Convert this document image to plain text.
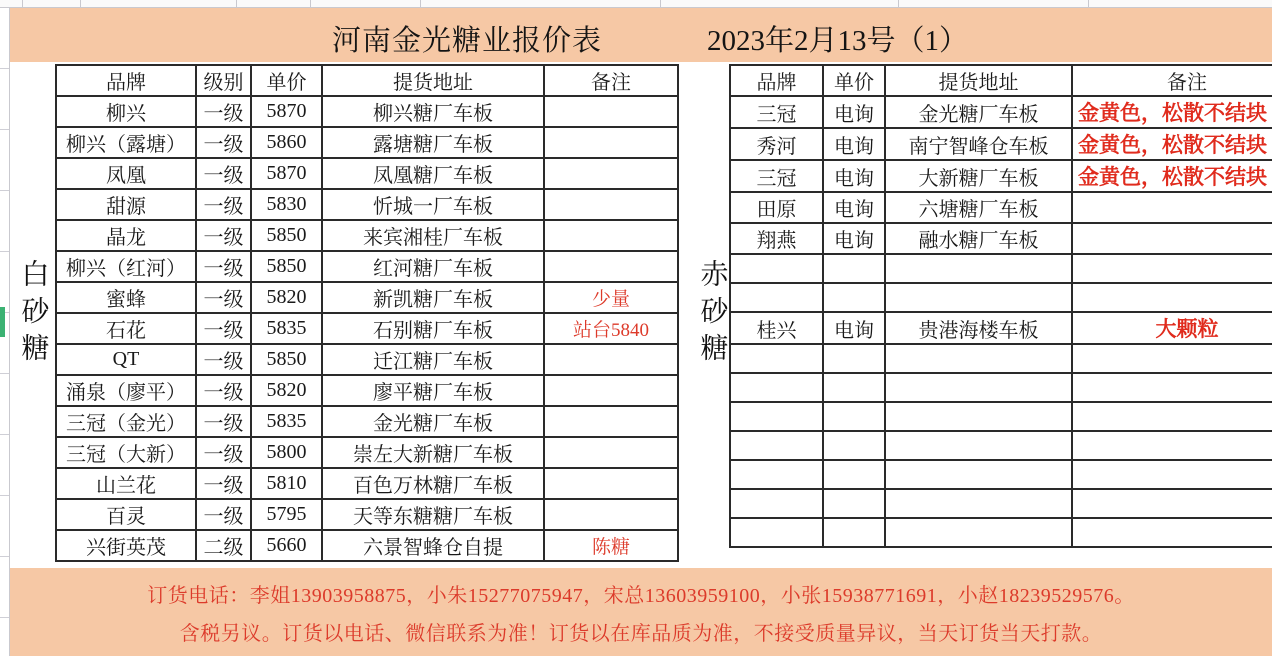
河南金光糖业报价表	2023年2月13号（1）
白砂糖
品牌	级别	单价	提货地址	备注
柳兴	一级	5870	柳兴糖厂车板	
柳兴（露塘）	一级	5860	露塘糖厂车板	
凤凰	一级	5870	凤凰糖厂车板	
甜源	一级	5830	忻城一厂车板	
晶龙	一级	5850	来宾湘桂厂车板	
柳兴（红河）	一级	5850	红河糖厂车板	
蜜蜂	一级	5820	新凯糖厂车板	少量
石花	一级	5835	石别糖厂车板	站台5840
QT	一级	5850	迁江糖厂车板	
涌泉（廖平）	一级	5820	廖平糖厂车板	
三冠（金光）	一级	5835	金光糖厂车板	
三冠（大新）	一级	5800	崇左大新糖厂车板	
山兰花	一级	5810	百色万林糖厂车板	
百灵	一级	5795	天等东糖糖厂车板	
兴街英茂	二级	5660	六景智蜂仓自提	陈糖
赤砂糖
品牌	单价	提货地址	备注
三冠	电询	金光糖厂车板	金黄色，松散不结块
秀河	电询	南宁智峰仓车板	金黄色，松散不结块
三冠	电询	大新糖厂车板	金黄色，松散不结块
田原	电询	六塘糖厂车板	
翔燕	电询	融水糖厂车板	

桂兴	电询	贵港海楼车板	大颗粒

订货电话：李姐13903958875，小朱15277075947，宋总13603959100，小张15938771691，小赵18239529576。
含税另议。订货以电话、微信联系为准！订货以在库品质为准，不接受质量异议，当天订货当天打款。
